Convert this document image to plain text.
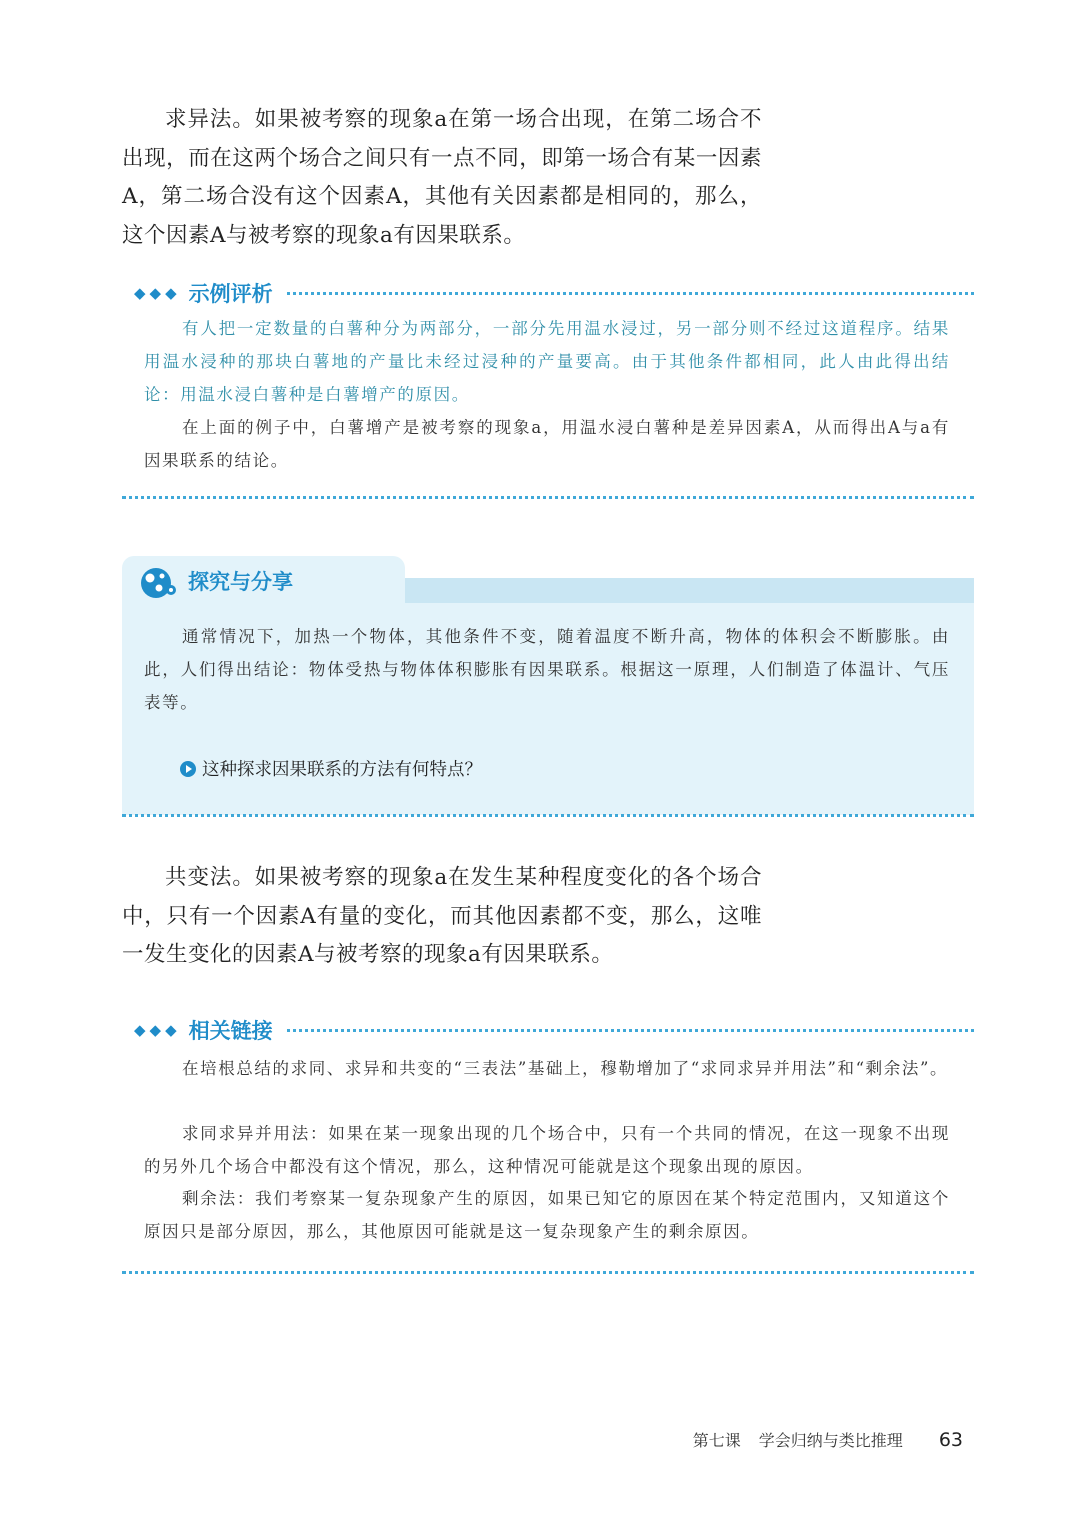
求异法。如果被考察的现象a在第一场合出现，在第二场合不出现，而在这两个场合之间只有一点不同，即第一场合有某一因素A，第二场合没有这个因素A，其他有关因素都是相同的，那么，这个因素A与被考察的现象a有因果联系。

◆◆◆ 示例评析

有人把一定数量的白薯种分为两部分，一部分先用温水浸过，另一部分则不经过这道程序。结果用温水浸种的那块白薯地的产量比未经过浸种的产量要高。由于其他条件都相同，此人由此得出结论：用温水浸白薯种是白薯增产的原因。

在上面的例子中，白薯增产是被考察的现象a，用温水浸白薯种是差异因素A，从而得出A与a有因果联系的结论。

探究与分享

通常情况下，加热一个物体，其他条件不变，随着温度不断升高，物体的体积会不断膨胀。由此，人们得出结论：物体受热与物体体积膨胀有因果联系。根据这一原理，人们制造了体温计、气压表等。

这种探求因果联系的方法有何特点？

共变法。如果被考察的现象a在发生某种程度变化的各个场合中，只有一个因素A有量的变化，而其他因素都不变，那么，这唯一发生变化的因素A与被考察的现象a有因果联系。

◆◆◆ 相关链接

在培根总结的求同、求异和共变的“三表法”基础上，穆勒增加了“求同求异并用法”和“剩余法”。

求同求异并用法：如果在某一现象出现的几个场合中，只有一个共同的情况，在这一现象不出现的另外几个场合中都没有这个情况，那么，这种情况可能就是这个现象出现的原因。

剩余法：我们考察某一复杂现象产生的原因，如果已知它的原因在某个特定范围内，又知道这个原因只是部分原因，那么，其他原因可能就是这一复杂现象产生的剩余原因。

第七课 学会归纳与类比推理 63
